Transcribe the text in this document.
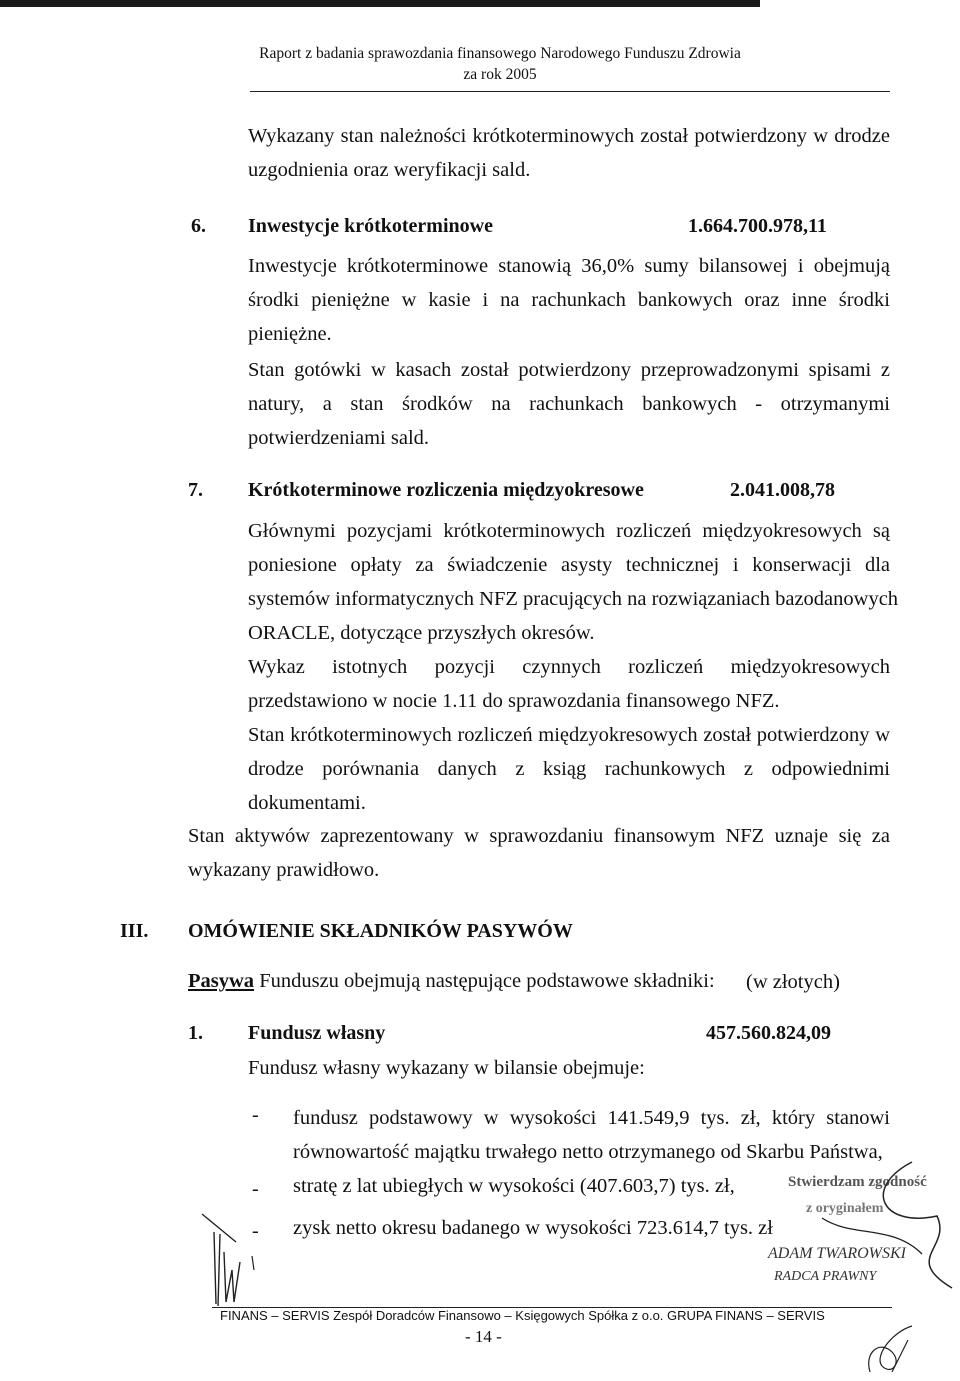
Raport z badania sprawozdania finansowego Narodowego Funduszu Zdrowia
za rok 2005
Wykazany stan należności krótkoterminowych został potwierdzony w drodze
uzgodnienia oraz weryfikacji sald.
6. Inwestycje krótkoterminowe	1.664.700.978,11
Inwestycje krótkoterminowe stanowią 36,0% sumy bilansowej i obejmują
środki pieniężne w kasie i na rachunkach bankowych oraz inne środki
pieniężne.
Stan gotówki w kasach został potwierdzony przeprowadzonymi spisami z
natury, a stan środków na rachunkach bankowych - otrzymanymi
potwierdzeniami sald.
7. Krótkoterminowe rozliczenia międzyokresowe	2.041.008,78
Głównymi pozycjami krótkoterminowych rozliczeń międzyokresowych są
poniesione opłaty za świadczenie asysty technicznej i konserwacji dla
systemów informatycznych NFZ pracujących na rozwiązaniach bazodanowych
ORACLE, dotyczące przyszłych okresów.
Wykaz istotnych pozycji czynnych rozliczeń międzyokresowych
przedstawiono w nocie 1.11 do sprawozdania finansowego NFZ.
Stan krótkoterminowych rozliczeń międzyokresowych został potwierdzony w
drodze porównania danych z ksiąg rachunkowych z odpowiednimi
dokumentami.
Stan aktywów zaprezentowany w sprawozdaniu finansowym NFZ uznaje się za
wykazany prawidłowo.
III. OMÓWIENIE SKŁADNIKÓW PASYWÓW
Pasywa Funduszu obejmują następujące podstawowe składniki: (w złotych)
1. Fundusz własny	457.560.824,09
Fundusz własny wykazany w bilansie obejmuje:
- fundusz podstawowy w wysokości 141.549,9 tys. zł, który stanowi
równowartość majątku trwałego netto otrzymanego od Skarbu Państwa,
- stratę z lat ubiegłych w wysokości (407.603,7) tys. zł,
- zysk netto okresu badanego w wysokości 723.614,7 tys. zł
Stwierdzam zgodność
z oryginałem
ADAM TWAROWSKI
RADCA PRAWNY
FINANS – SERVIS Zespół Doradców Finansowo – Księgowych Spółka z o.o. GRUPA FINANS – SERVIS
- 14 -
